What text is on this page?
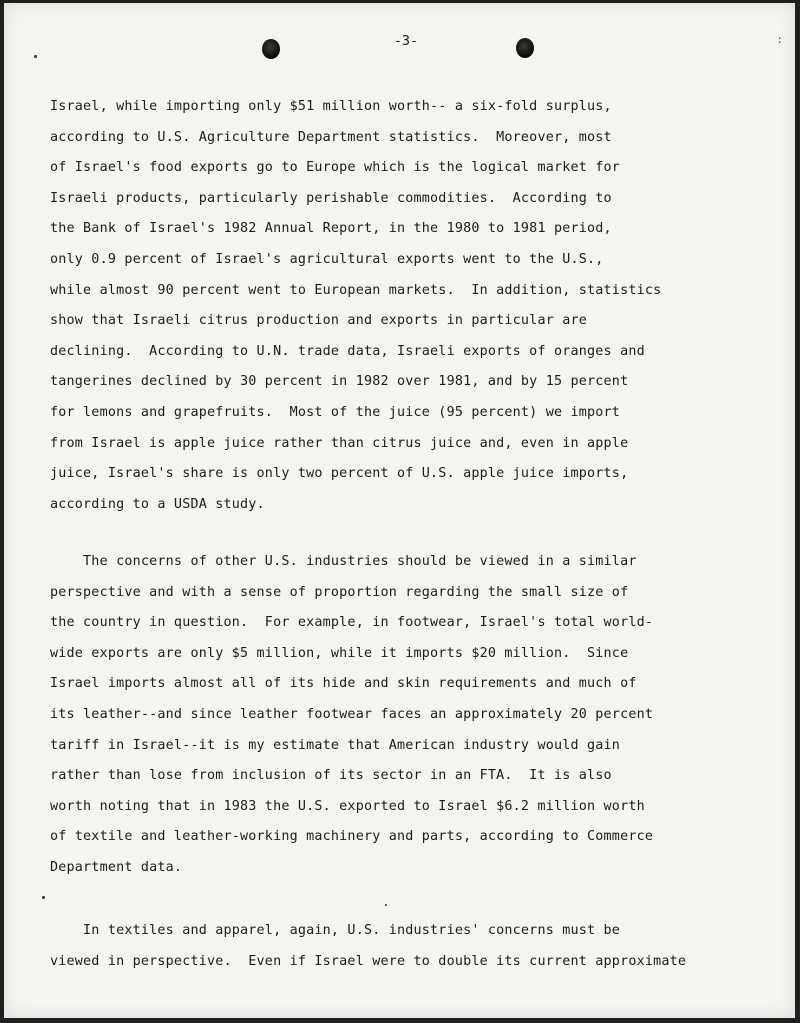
-3-	:
Israel, while importing only $51 million worth-- a six-fold surplus,
according to U.S. Agriculture Department statistics.  Moreover, most
of Israel's food exports go to Europe which is the logical market for
Israeli products, particularly perishable commodities.  According to
the Bank of Israel's 1982 Annual Report, in the 1980 to 1981 period,
only 0.9 percent of Israel's agricultural exports went to the U.S.,
while almost 90 percent went to European markets.  In addition, statistics
show that Israeli citrus production and exports in particular are
declining.  According to U.N. trade data, Israeli exports of oranges and
tangerines declined by 30 percent in 1982 over 1981, and by 15 percent
for lemons and grapefruits.  Most of the juice (95 percent) we import
from Israel is apple juice rather than citrus juice and, even in apple
juice, Israel's share is only two percent of U.S. apple juice imports,
according to a USDA study.
The concerns of other U.S. industries should be viewed in a similar
perspective and with a sense of proportion regarding the small size of
the country in question.  For example, in footwear, Israel's total world-
wide exports are only $5 million, while it imports $20 million.  Since
Israel imports almost all of its hide and skin requirements and much of
its leather--and since leather footwear faces an approximately 20 percent
tariff in Israel--it is my estimate that American industry would gain
rather than lose from inclusion of its sector in an FTA.  It is also
worth noting that in 1983 the U.S. exported to Israel $6.2 million worth
of textile and leather-working machinery and parts, according to Commerce
Department data.
In textiles and apparel, again, U.S. industries' concerns must be
viewed in perspective.  Even if Israel were to double its current approximate
